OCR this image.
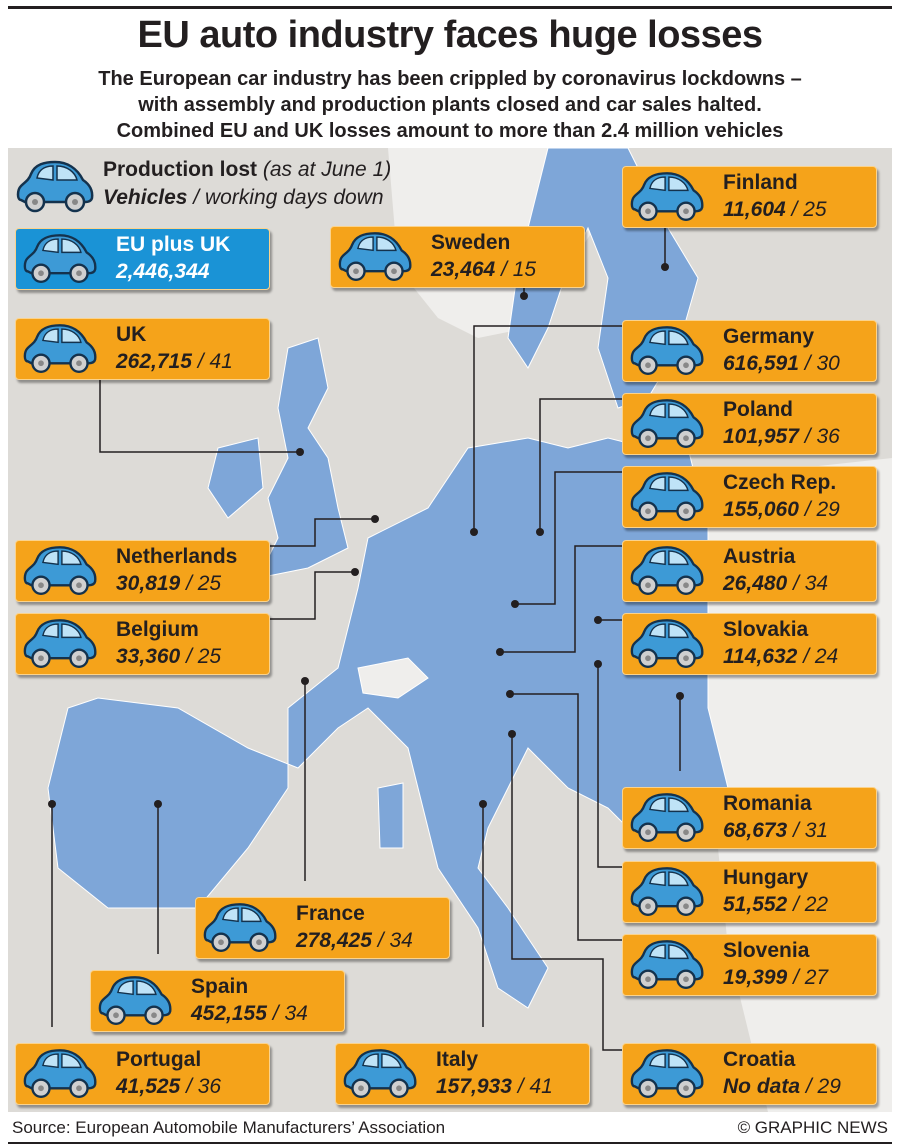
EU auto industry faces huge losses
The European car industry has been crippled by coronavirus lockdowns –
with assembly and production plants closed and car sales halted.
Combined EU and UK losses amount to more than 2.4 million vehicles
Production lost (as at June 1)
Vehicles / working days down
EU plus UK
2,446,344
Finland
11,604 / 25
Sweden
23,464 / 15
UK
262,715 / 41
Germany
616,591 / 30
Poland
101,957 / 36
Czech Rep.
155,060 / 29
Netherlands
30,819 / 25
Austria
26,480 / 34
Belgium
33,360 / 25
Slovakia
114,632 / 24
Romania
68,673 / 31
France
278,425 / 34
Hungary
51,552 / 22
Spain
452,155 / 34
Slovenia
19,399 / 27
Portugal
41,525 / 36
Italy
157,933 / 41
Croatia
No data / 29
Source: European Automobile Manufacturers’ Association	© GRAPHIC NEWS
